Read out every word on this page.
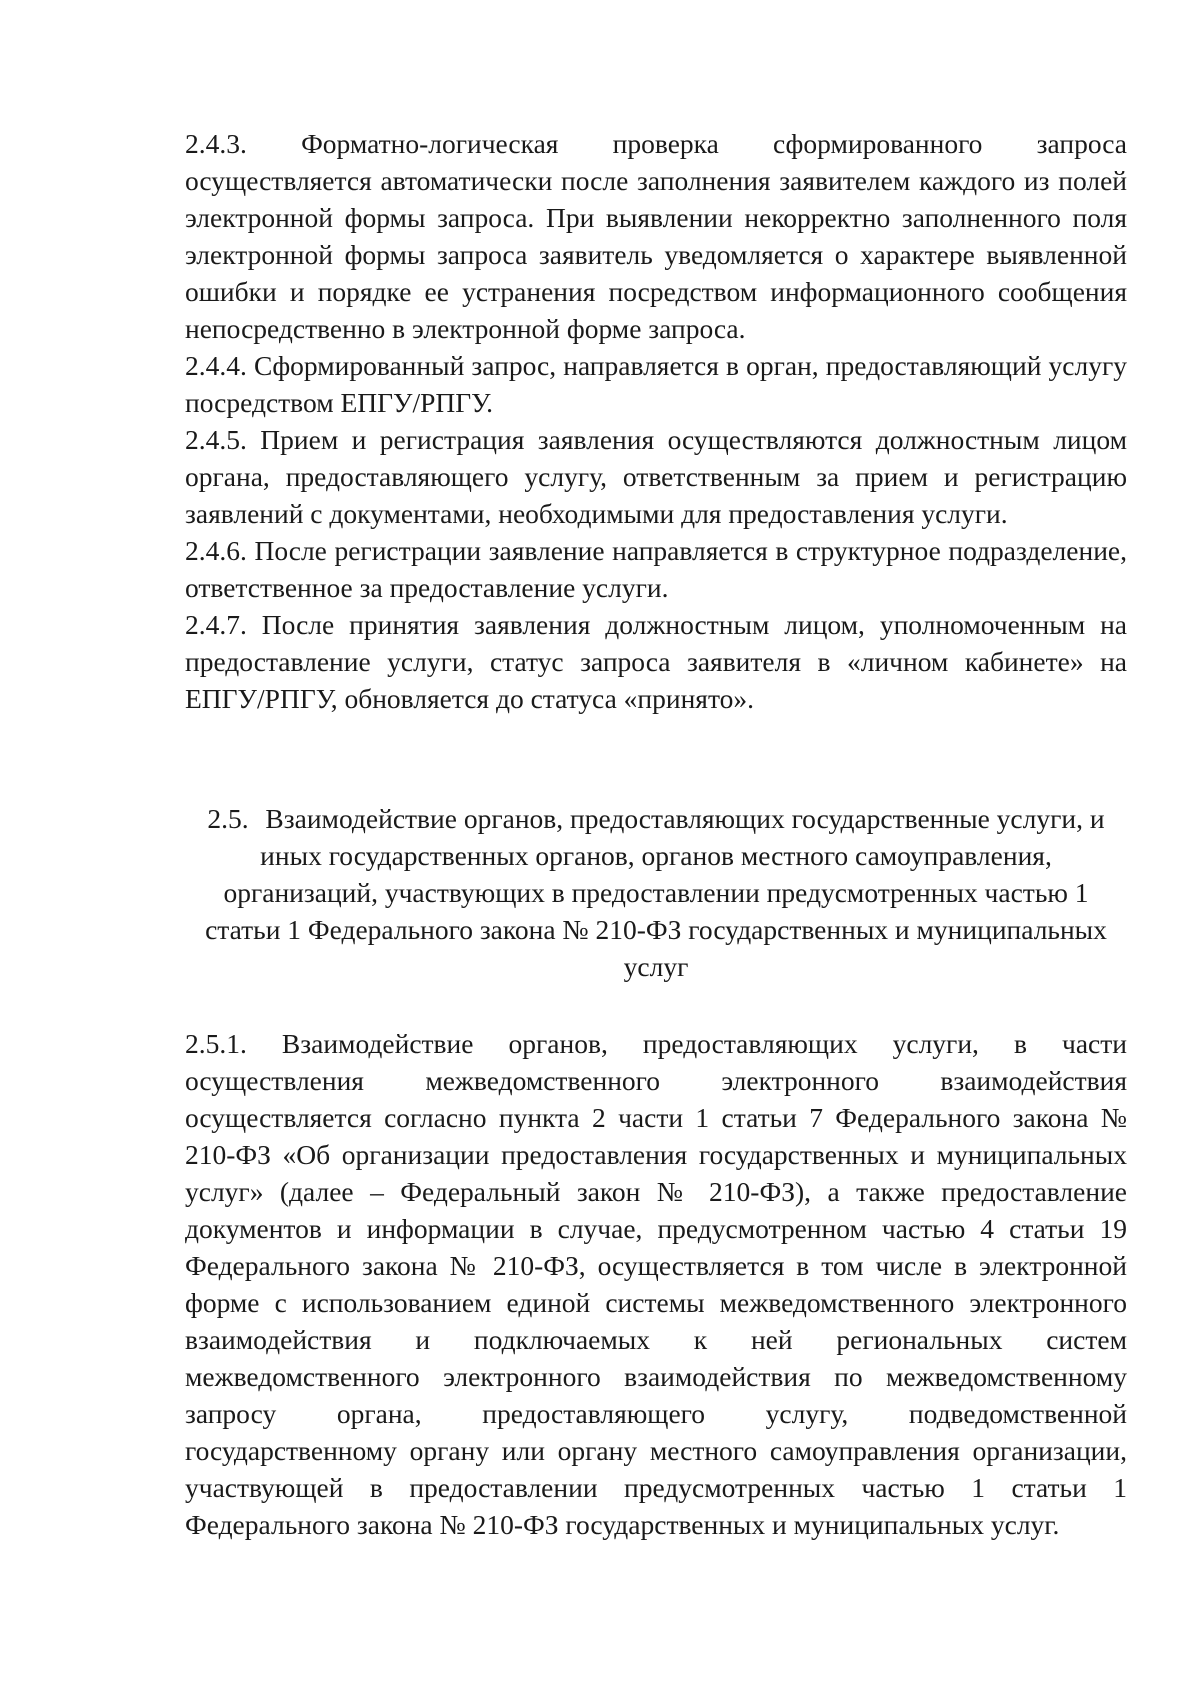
2.4.3. Форматно-логическая проверка сформированного запроса осуществляется автоматически после заполнения заявителем каждого из полей электронной формы запроса. При выявлении некорректно заполненного поля электронной формы запроса заявитель уведомляется о характере выявленной ошибки и порядке ее устранения посредством информационного сообщения непосредственно в электронной форме запроса.

2.4.4. Сформированный запрос, направляется в орган, предоставляющий услугу посредством ЕПГУ/РПГУ.

2.4.5. Прием и регистрация заявления осуществляются должностным лицом органа, предоставляющего услугу, ответственным за прием и регистрацию заявлений с документами, необходимыми для предоставления услуги.

2.4.6. После регистрации заявление направляется в структурное подразделение, ответственное за предоставление услуги.

2.4.7. После принятия заявления должностным лицом, уполномоченным на предоставление услуги, статус запроса заявителя в «личном кабинете» на ЕПГУ/РПГУ, обновляется до статуса «принято».

2.5. Взаимодействие органов, предоставляющих государственные услуги, и иных государственных органов, органов местного самоуправления, организаций, участвующих в предоставлении предусмотренных частью 1 статьи 1 Федерального закона № 210-ФЗ государственных и муниципальных услуг

2.5.1. Взаимодействие органов, предоставляющих услуги, в части осуществления межведомственного электронного взаимодействия осуществляется согласно пункта 2 части 1 статьи 7 Федерального закона № 210-ФЗ «Об организации предоставления государственных и муниципальных услуг» (далее – Федеральный закон № 210-ФЗ), а также предоставление документов и информации в случае, предусмотренном частью 4 статьи 19 Федерального закона № 210-ФЗ, осуществляется в том числе в электронной форме с использованием единой системы межведомственного электронного взаимодействия и подключаемых к ней региональных систем межведомственного электронного взаимодействия по межведомственному запросу органа, предоставляющего услугу, подведомственной государственному органу или органу местного самоуправления организации, участвующей в предоставлении предусмотренных частью 1 статьи 1 Федерального закона № 210-ФЗ государственных и муниципальных услуг.
